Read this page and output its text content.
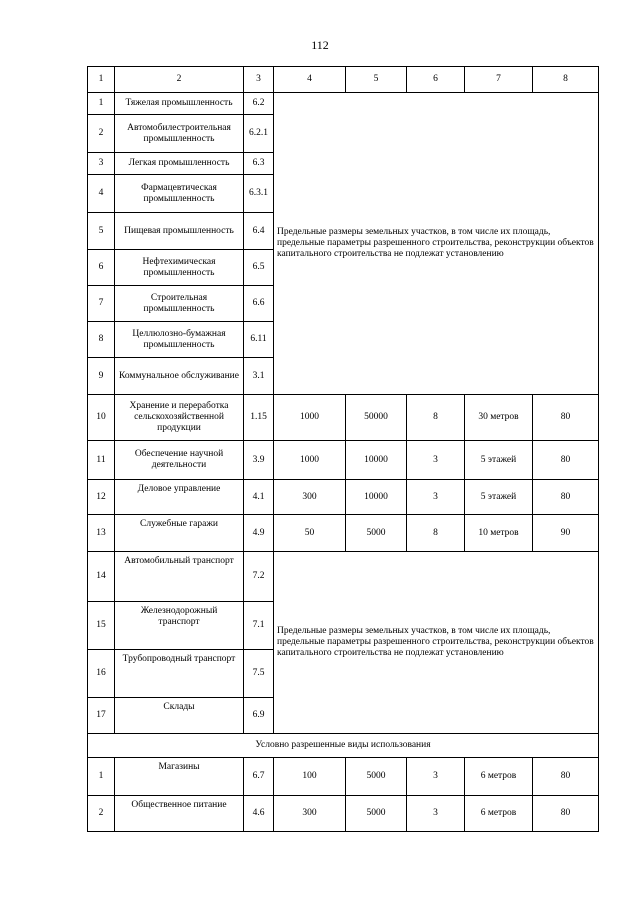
112
1	2	3	4	5	6	7	8
1	Тяжелая промышленность	6.2	Предельные размеры земельных участков, в том числе их площадь, предельные параметры разрешенного строительства, реконструкции объектов капитального строительства не подлежат установлению				
2	Автомобилестроительная промышленность	6.2.1					
3	Легкая промышленность	6.3					
4	Фармацевтическая промышленность	6.3.1					
5	Пищевая промышленность	6.4					
6	Нефтехимическая промышленность	6.5					
7	Строительная промышленность	6.6					
8	Целлюлозно-бумажная промышленность	6.11					
9	Коммунальное обслуживание	3.1					
10	Хранение и переработка сельскохозяйственной продукции	1.15	1000	50000	8	30 метров	80
11	Обеспечение научной деятельности	3.9	1000	10000	3	5 этажей	80
12	Деловое управление	4.1	300	10000	3	5 этажей	80
13	Служебные гаражи	4.9	50	5000	8	10 метров	90
14	Автомобильный транспорт	7.2	Предельные размеры земельных участков, в том числе их площадь, предельные параметры разрешенного строительства, реконструкции объектов капитального строительства не подлежат установлению				
15	Железнодорожный транспорт	7.1					
16	Трубопроводный транспорт	7.5					
17	Склады	6.9					
Условно разрешенные виды использования							
1	Магазины	6.7	100	5000	3	6 метров	80
2	Общественное питание	4.6	300	5000	3	6 метров	80
